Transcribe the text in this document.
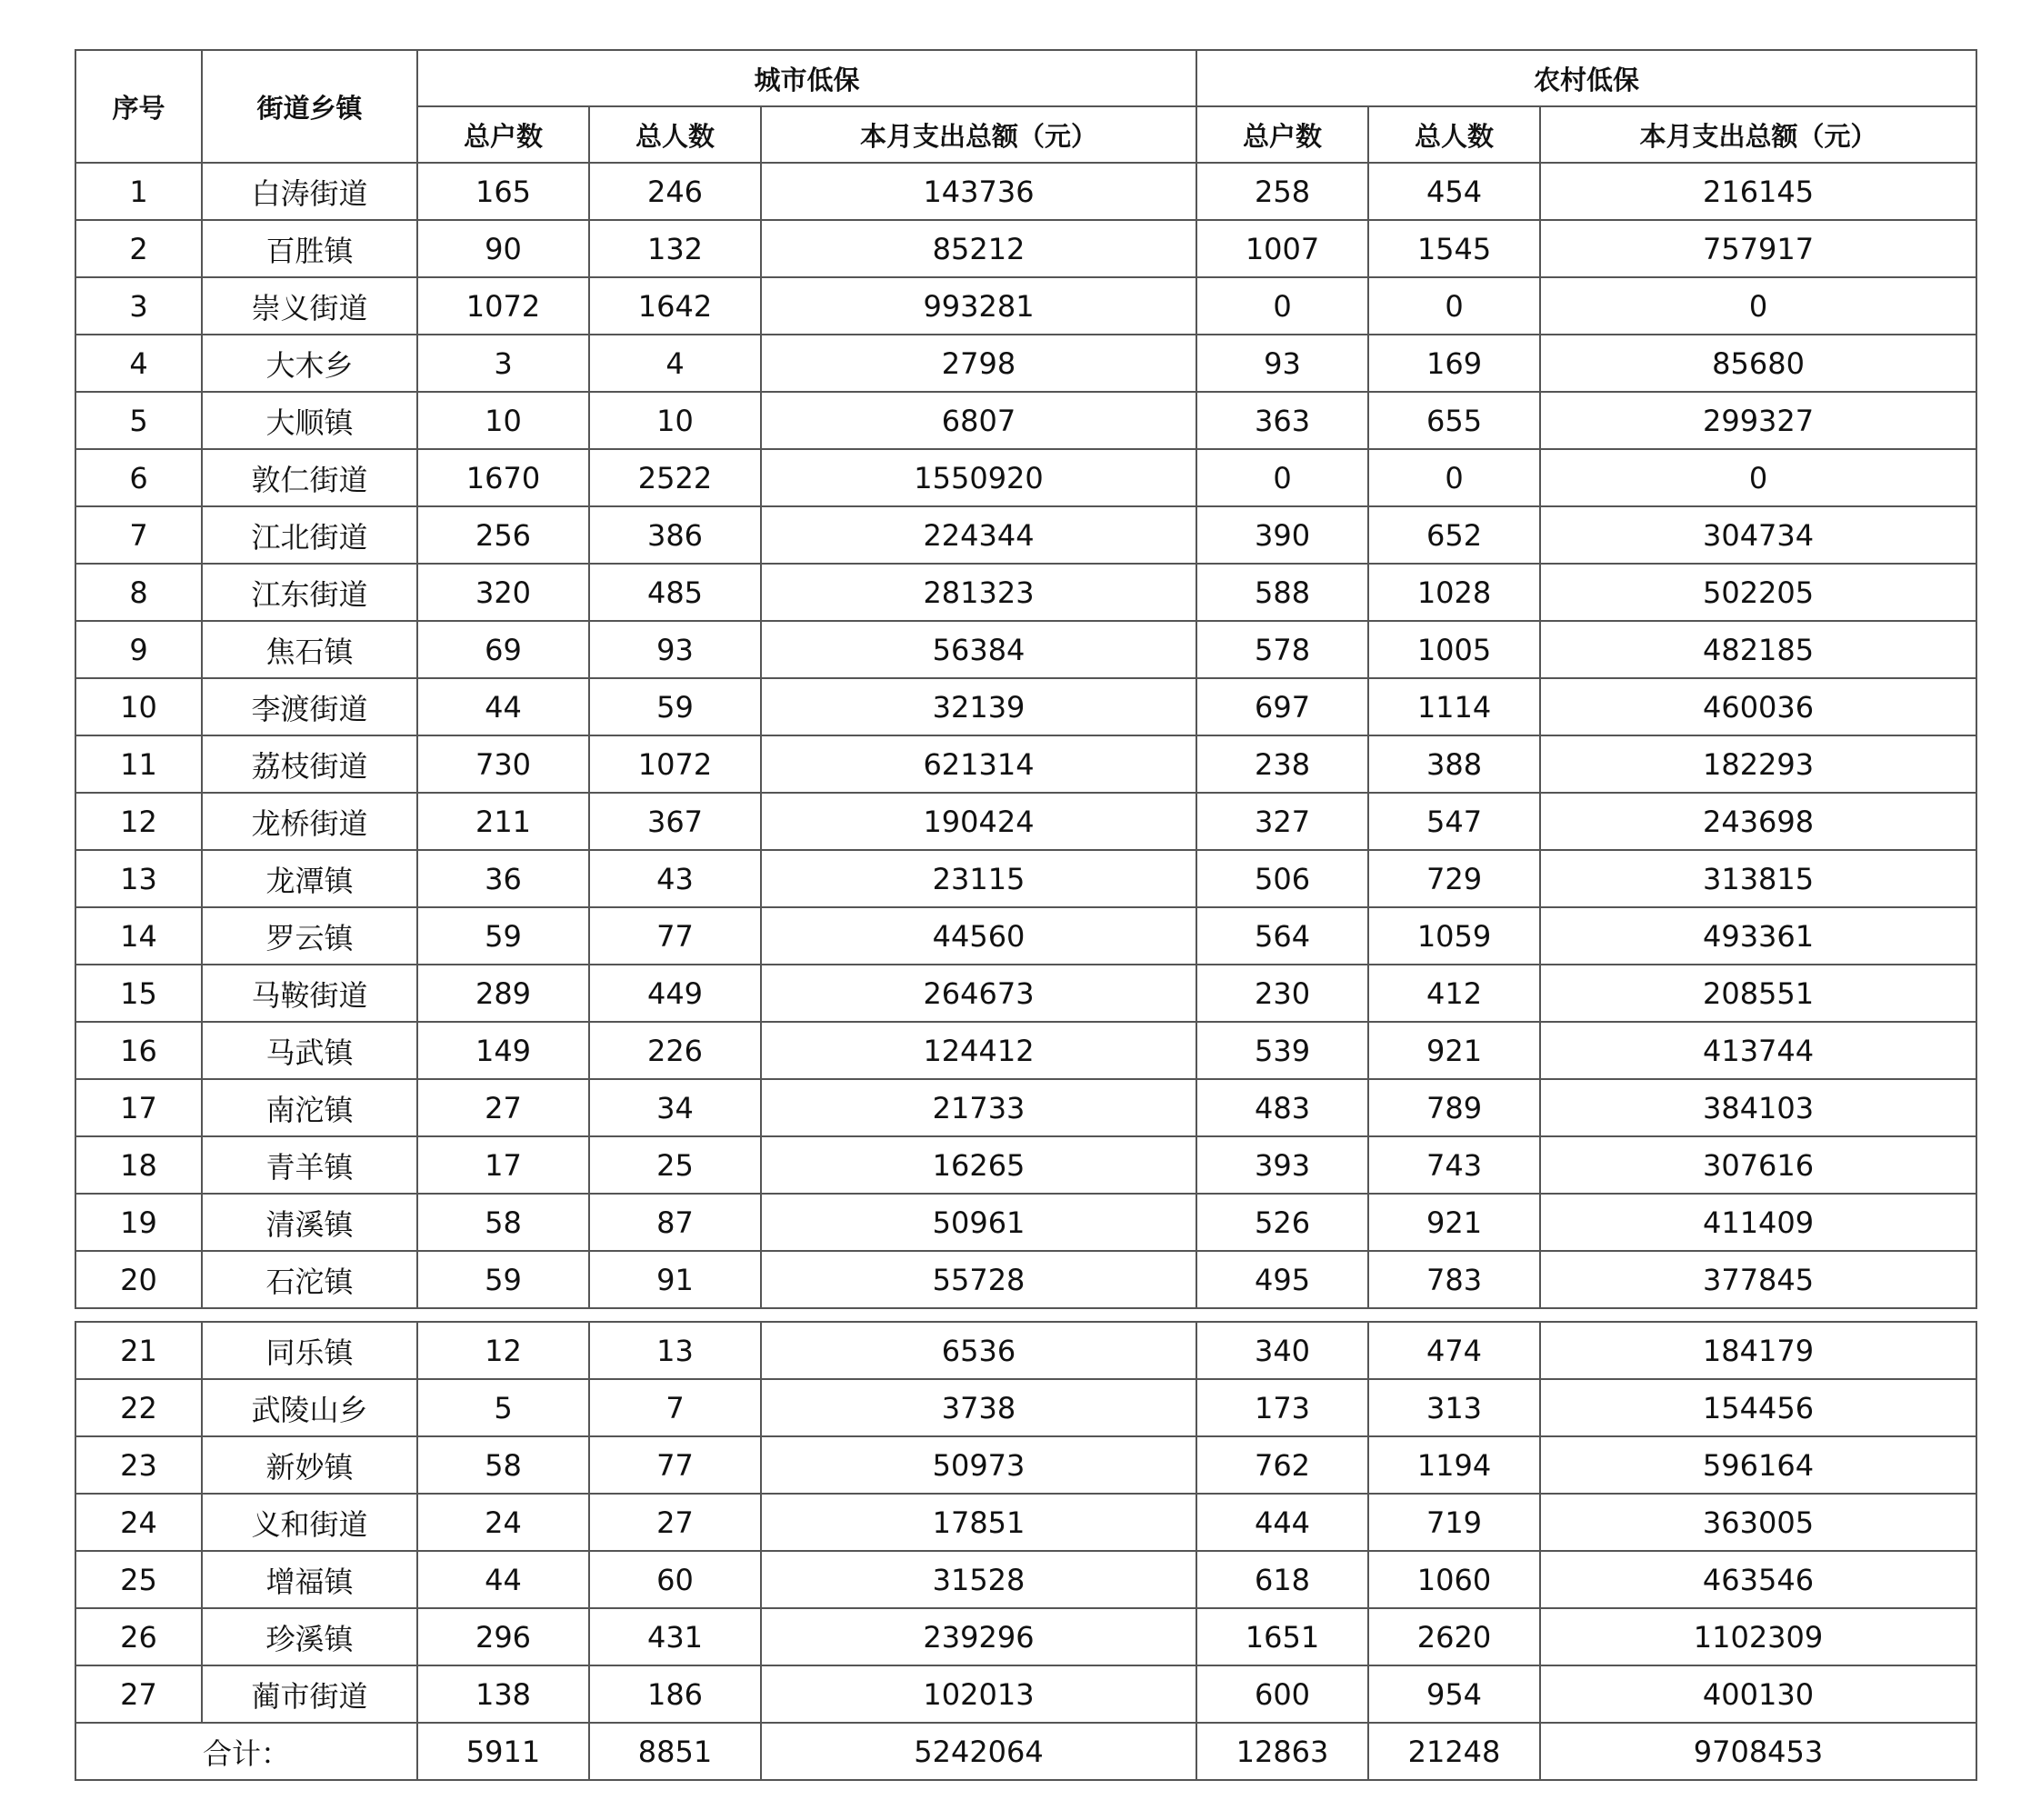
序号	街道乡镇	城市低保			农村低保		
		总户数	总人数	本月支出总额（元）	总户数	总人数	本月支出总额（元）
1	白涛街道	165	246	143736	258	454	216145
2	百胜镇	90	132	85212	1007	1545	757917
3	崇义街道	1072	1642	993281	0	0	0
4	大木乡	3	4	2798	93	169	85680
5	大顺镇	10	10	6807	363	655	299327
6	敦仁街道	1670	2522	1550920	0	0	0
7	江北街道	256	386	224344	390	652	304734
8	江东街道	320	485	281323	588	1028	502205
9	焦石镇	69	93	56384	578	1005	482185
10	李渡街道	44	59	32139	697	1114	460036
11	荔枝街道	730	1072	621314	238	388	182293
12	龙桥街道	211	367	190424	327	547	243698
13	龙潭镇	36	43	23115	506	729	313815
14	罗云镇	59	77	44560	564	1059	493361
15	马鞍街道	289	449	264673	230	412	208551
16	马武镇	149	226	124412	539	921	413744
17	南沱镇	27	34	21733	483	789	384103
18	青羊镇	17	25	16265	393	743	307616
19	清溪镇	58	87	50961	526	921	411409
20	石沱镇	59	91	55728	495	783	377845
21	同乐镇	12	13	6536	340	474	184179
22	武陵山乡	5	7	3738	173	313	154456
23	新妙镇	58	77	50973	762	1194	596164
24	义和街道	24	27	17851	444	719	363005
25	增福镇	44	60	31528	618	1060	463546
26	珍溪镇	296	431	239296	1651	2620	1102309
27	蔺市街道	138	186	102013	600	954	400130
合计：		5911	8851	5242064	12863	21248	9708453
